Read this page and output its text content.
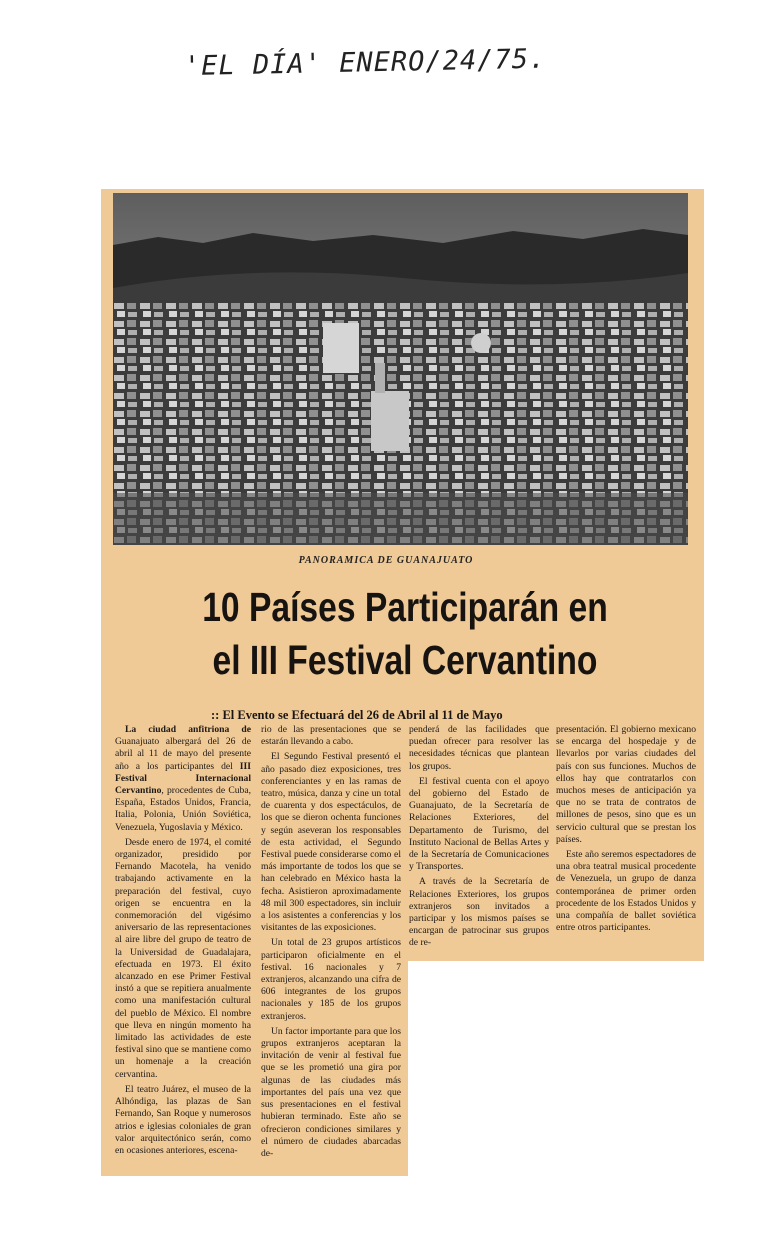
'EL DÍA' ENERO/24/75.
PANORAMICA DE GUANAJUATO
10 Países Participarán en el III Festival Cervantino
:: El Evento se Efectuará del 26 de Abril al 11 de Mayo

La ciudad anfitriona de Guanajuato albergará del 26 de abril al 11 de mayo del presente año a los participantes del III Festival Internacional Cervantino, procedentes de Cuba, España, Estados Unidos, Francia, Italia, Polonia, Unión Soviética, Venezuela, Yugoslavia y México.

Desde enero de 1974, el comité organizador, presidido por Fernando Macotela, ha venido trabajando activamente en la preparación del festival, cuyo origen se encuentra en la conmemoración del vigésimo aniversario de las representaciones al aire libre del grupo de teatro de la Universidad de Guadalajara, efectuada en 1973. El éxito alcanzado en ese Primer Festival instó a que se repitiera anualmente como una manifestación cultural del pueblo de México. El nombre que lleva en ningún momento ha limitado las actividades de este festival sino que se mantiene como un homenaje a la creación cervantina.

El teatro Juárez, el museo de la Alhóndiga, las plazas de San Fernando, San Roque y numerosos atrios e iglesias coloniales de gran valor arquitectónico serán, como en ocasiones anteriores, escena-

rio de las presentaciones que se estarán llevando a cabo.

El Segundo Festival presentó el año pasado diez exposiciones, tres conferenciantes y en las ramas de teatro, música, danza y cine un total de cuarenta y dos espectáculos, de los que se dieron ochenta funciones y según aseveran los responsables de esta actividad, el Segundo Festival puede considerarse como el más importante de todos los que se han celebrado en México hasta la fecha. Asistieron aproximadamente 48 mil 300 espectadores, sin incluir a los asistentes a conferencias y los visitantes de las exposiciones.

Un total de 23 grupos artísticos participaron oficialmente en el festival. 16 nacionales y 7 extranjeros, alcanzando una cifra de 606 integrantes de los grupos nacionales y 185 de los grupos extranjeros.

Un factor importante para que los grupos extranjeros aceptaran la invitación de venir al festival fue que se les prometió una gira por algunas de las ciudades más importantes del país una vez que sus presentaciones en el festival hubieran terminado. Este año se ofrecieron condiciones similares y el número de ciudades abarcadas de-

penderá de las facilidades que puedan ofrecer para resolver las necesidades técnicas que plantean los grupos.

El festival cuenta con el apoyo del gobierno del Estado de Guanajuato, de la Secretaría de Relaciones Exteriores, del Departamento de Turismo, del Instituto Nacional de Bellas Artes y de la Secretaría de Comunicaciones y Transportes.

A través de la Secretaría de Relaciones Exteriores, los grupos extranjeros son invitados a participar y los mismos países se encargan de patrocinar sus grupos de re-

presentación. El gobierno mexicano se encarga del hospedaje y de llevarlos por varias ciudades del país con sus funciones. Muchos de ellos hay que contratarlos con muchos meses de anticipación ya que no se trata de contratos de millones de pesos, sino que es un servicio cultural que se prestan los países.

Este año seremos espectadores de una obra teatral musical procedente de Venezuela, un grupo de danza contemporánea de primer orden procedente de los Estados Unidos y una compañía de ballet soviética entre otros participantes.
